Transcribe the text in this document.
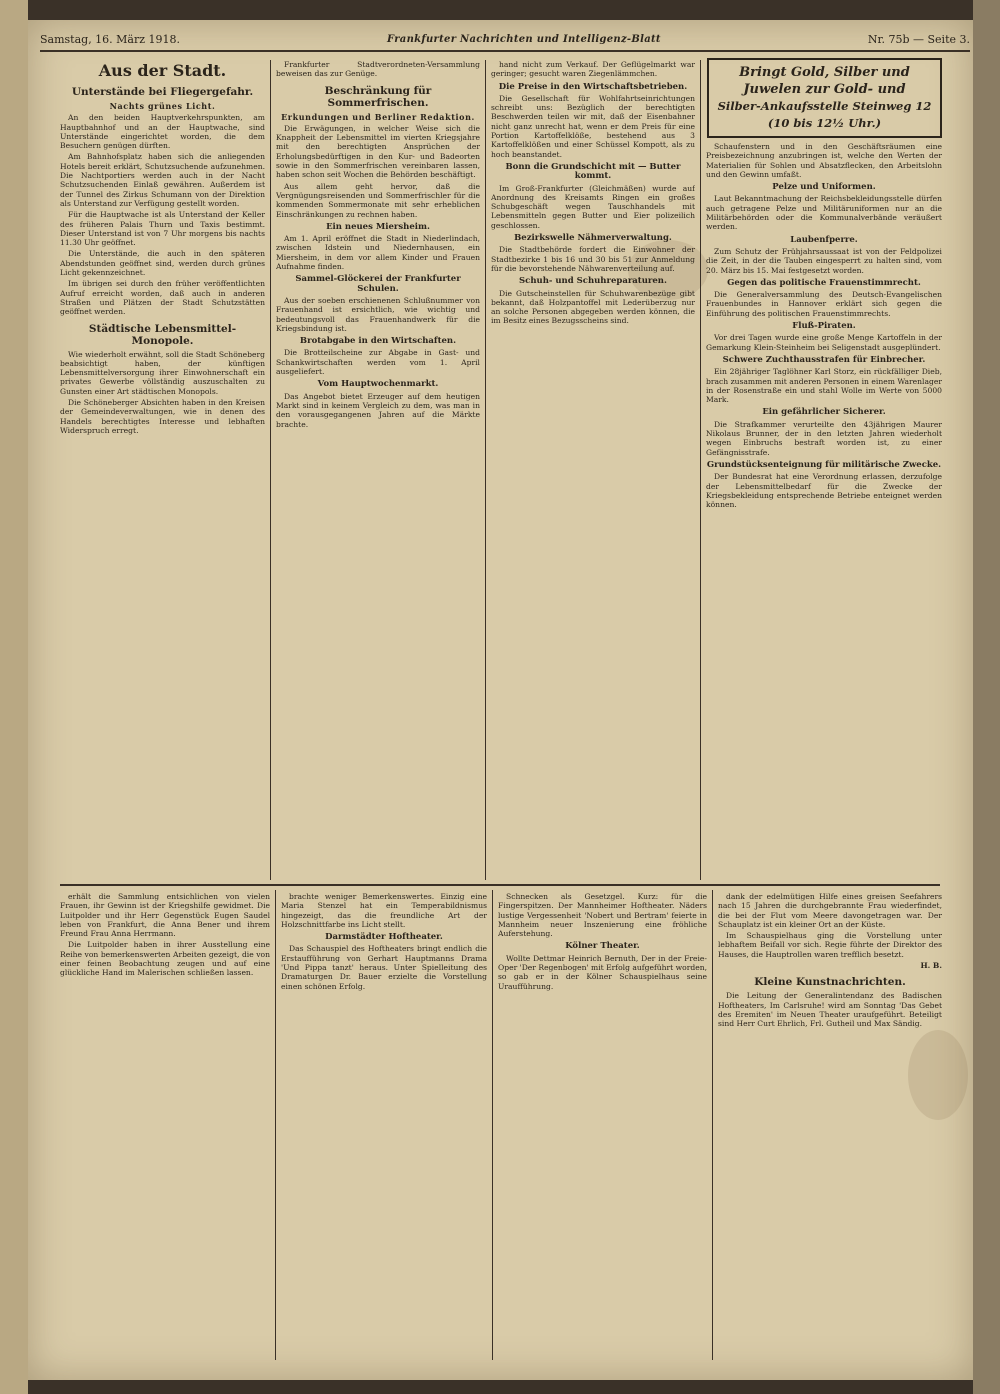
Samstag, 16. März 1918.	Frankfurter Nachrichten und Intelligenz-Blatt	Nr. 75b — Seite 3.
Aus der Stadt.
Unterstände bei Fliegergefahr.
Nachts grünes Licht.

An den beiden Hauptverkehrspunkten, am Hauptbahnhof und an der Hauptwache, sind Unterstände eingerichtet worden, die dem Besuchern genügen dürften.

Am Bahnhofsplatz haben sich die anliegenden Hotels bereit erklärt, Schutzsuchende aufzunehmen. Die Nachtportiers werden auch in der Nacht Schutzsuchenden Einlaß gewähren. Außerdem ist der Tunnel des Zirkus Schumann von der Direktion als Unterstand zur Verfügung gestellt worden.

Für die Hauptwache ist als Unterstand der Keller des früheren Palais Thurn und Taxis bestimmt. Dieser Unterstand ist von 7 Uhr morgens bis nachts 11.30 Uhr geöffnet.

Die Unterstände, die auch in den späteren Abendstunden geöffnet sind, werden durch grünes Licht gekennzeichnet.

Im übrigen sei durch den früher veröffentlichten Aufruf erreicht worden, daß auch in anderen Straßen und Plätzen der Stadt Schutzstätten geöffnet werden.

Städtische Lebensmittel-Monopole.

Wie wiederholt erwähnt, soll die Stadt Schöneberg beabsichtigt haben, der künftigen Lebensmittelversorgung ihrer Einwohnerschaft ein privates Gewerbe völlständig auszuschalten zu Gunsten einer Art städtischen Monopols.

Die Schöneberger Absichten haben in den Kreisen der Gemeindeverwaltungen, wie in denen des Handels berechtigtes Interesse und lebhaften Widerspruch erregt.

Frankfurter Stadtverordneten-Versammlung beweisen das zur Genüge.

Beschränkung für Sommerfrischen.
Erkundungen und Berliner Redaktion.

Die Erwägungen, in welcher Weise sich die Knappheit der Lebensmittel im vierten Kriegsjahre mit den berechtigten Ansprüchen der Erholungsbedürftigen in den Kur- und Badeorten sowie in den Sommerfrischen vereinbaren lassen, haben schon seit Wochen die Behörden beschäftigt.

Aus allem geht hervor, daß die Vergnügungsreisenden und Sommerfrischler für die kommenden Sommermonate mit sehr erheblichen Einschränkungen zu rechnen haben.

Ein neues Miersheim.

Am 1. April eröffnet die Stadt in Niederlindach, zwischen Idstein und Niedernhausen, ein Miersheim, in dem vor allem Kinder und Frauen Aufnahme finden.

Sammel-Glöckerei der Frankfurter Schulen.

Aus der soeben erschienenen Schlußnummer von Frauenhand ist ersichtlich, wie wichtig und bedeutungsvoll das Frauenhandwerk für die Kriegsbindung ist.

Brotabgabe in den Wirtschaften.

Die Brotteilscheine zur Abgabe in Gast- und Schankwirtschaften werden vom 1. April ausgeliefert.

Vom Hauptwochenmarkt.

Das Angebot bietet Erzeuger auf dem heutigen Markt sind in keinem Vergleich zu dem, was man in den vorausgegangenen Jahren auf die Märkte brachte.

hand nicht zum Verkauf. Der Geflügelmarkt war geringer; gesucht waren Ziegenlämmchen.

Die Preise in den Wirtschaftsbetrieben.

Die Gesellschaft für Wohlfahrtseinrichtungen schreibt uns: Bezüglich der berechtigten Beschwerden teilen wir mit, daß der Eisenbahner nicht ganz unrecht hat, wenn er dem Preis für eine Portion Kartoffelklöße, bestehend aus 3 Kartoffelklößen und einer Schüssel Kompott, als zu hoch beanstandet.

Bonn die Grundschicht mit — Butter kommt.

Im Groß-Frankfurter (Gleichmäßen) wurde auf Anordnung des Kreisamts Ringen ein großes Schubgeschäft wegen Tauschhandels mit Lebensmitteln gegen Butter und Eier polizeilich geschlossen.

Bezirkswelle Nähmerverwaltung.

Die Stadtbehörde fordert die Einwohner der Stadtbezirke 1 bis 16 und 30 bis 51 zur Anmeldung für die bevorstehende Nähwarenverteilung auf.

Schuh- und Schuhreparaturen.

Die Gutscheinstellen für Schuhwarenbezüge gibt bekannt, daß Holzpantoffel mit Lederüberzug nur an solche Personen abgegeben werden können, die im Besitz eines Bezugsscheins sind.

Bringt Gold, Silber und
Juwelen zur Gold- und
Silber-Ankaufsstelle Steinweg 12
(10 bis 12½ Uhr.)

Schaufenstern und in den Geschäftsräumen eine Preisbezeichnung anzubringen ist, welche den Werten der Materialien für Sohlen und Absatzflecken, den Arbeitslohn und den Gewinn umfaßt.

Pelze und Uniformen.

Laut Bekanntmachung der Reichsbekleidungsstelle dürfen auch getragene Pelze und Militäruniformen nur an die Militärbehörden oder die Kommunalverbände veräußert werden.

Laubenfperre.

Zum Schutz der Frühjahrsaussaat ist von der Feldpolizei die Zeit, in der die Tauben eingesperrt zu halten sind, vom 20. März bis 15. Mai festgesetzt worden.

Gegen das politische Frauenstimmrecht.

Die Generalversammlung des Deutsch-Evangelischen Frauenbundes in Hannover erklärt sich gegen die Einführung des politischen Frauenstimmrechts.

Fluß-Piraten.

Vor drei Tagen wurde eine große Menge Kartoffeln in der Gemarkung Klein-Steinheim bei Seligenstadt ausgeplündert.

Schwere Zuchthausstrafen für Einbrecher.

Ein 28jähriger Taglöhner Karl Storz, ein rückfälliger Dieb, brach zusammen mit anderen Personen in einem Warenlager in der Rosenstraße ein und stahl Wolle im Werte von 5000 Mark.

Ein gefährlicher Sicherer.

Die Strafkammer verurteilte den 43jährigen Maurer Nikolaus Brunner, der in den letzten Jahren wiederholt wegen Einbruchs bestraft worden ist, zu einer Gefängnisstrafe.

Grundstücksenteignung für militärische Zwecke.

Der Bundesrat hat eine Verordnung erlassen, derzufolge der Lebensmittelbedarf für die Zwecke der Kriegsbekleidung entsprechende Betriebe enteignet werden können.

erhält die Sammlung entsichlichen von vielen Frauen, ihr Gewinn ist der Kriegshilfe gewidmet. Die Luitpolder und ihr Herr Gegenstück Eugen Saudel leben von Frankfurt, die Anna Bener und ihrem Freund Frau Anna Herrmann.

Die Luitpolder haben in ihrer Ausstellung eine Reihe von bemerkenswerten Arbeiten gezeigt, die von einer feinen Beobachtung zeugen und auf eine glückliche Hand im Malerischen schließen lassen.

brachte weniger Bemerkenswertes. Einzig eine Maria Stenzel hat ein Temperabildnismus hingezeigt, das die freundliche Art der Holzschnittfarbe ins Licht stellt.

Darmstädter Hoftheater.

Das Schauspiel des Hoftheaters bringt endlich die Erstaufführung von Gerhart Hauptmanns Drama 'Und Pippa tanzt' heraus. Unter Spielleitung des Dramaturgen Dr. Bauer erzielte die Vorstellung einen schönen Erfolg.

Schnecken als Gesetzgel. Kurz: für die Fingerspitzen. Der Mannheimer Hoftheater. Näders lustige Vergessenheit 'Nobert und Bertram' feierte in Mannheim neuer Inszenierung eine fröhliche Auferstehung.

Kölner Theater.

Wollte Dettmar Heinrich Bernuth, Der in der Freie-Oper 'Der Regenbogen' mit Erfolg aufgeführt worden, so gab er in der Kölner Schauspielhaus seine Uraufführung.

dank der edelmütigen Hilfe eines greisen Seefahrers nach 15 Jahren die durchgebrannte Frau wiederfindet, die bei der Flut vom Meere davongetragen war. Der Schauplatz ist ein kleiner Ort an der Küste.

Im Schauspielhaus ging die Vorstellung unter lebhaftem Beifall vor sich. Regie führte der Direktor des Hauses, die Hauptrollen waren trefflich besetzt.

H. B.
Kleine Kunstnachrichten.

Die Leitung der Generalintendanz des Badischen Hoftheaters, Im Carlsruhe! wird am Sonntag 'Das Gebet des Eremiten' im Neuen Theater uraufgeführt. Beteiligt sind Herr Curt Ehrlich, Frl. Gutheil und Max Sändig.
